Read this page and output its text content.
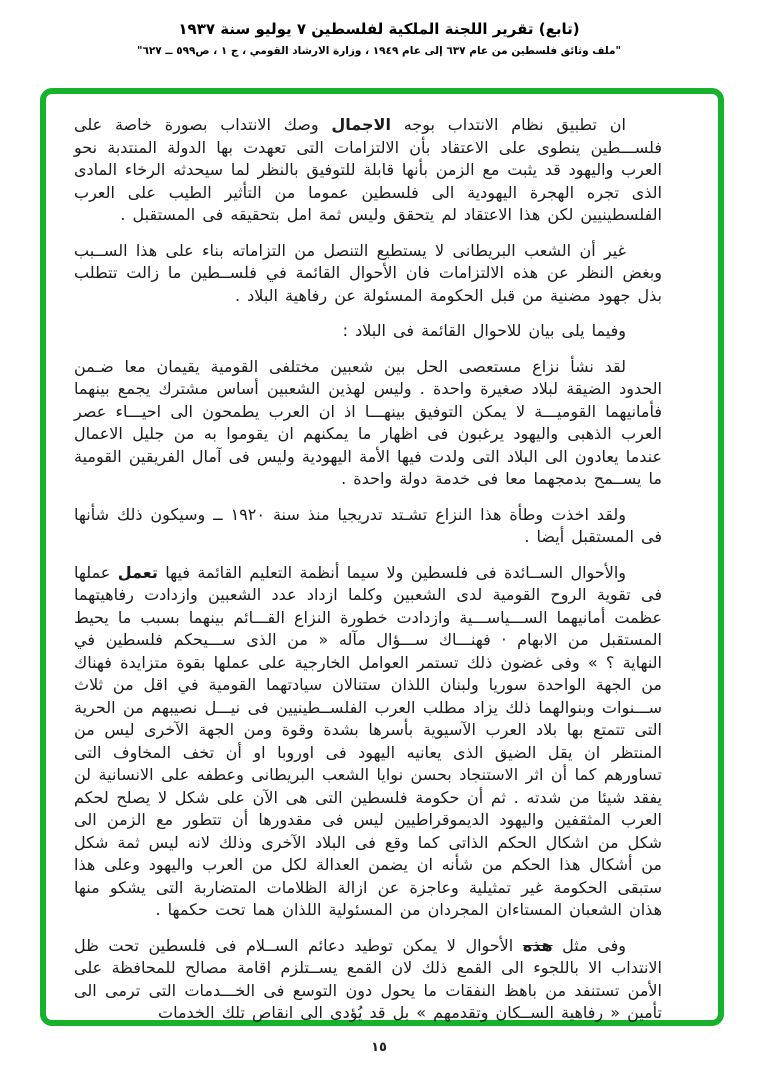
(تابع) تقرير اللجنة الملكية لفلسطين ٧ يوليو سنة ١٩٣٧
"ملف وثائق فلسطين من عام ٦٣٧ إلى عام ١٩٤٩ ، وزارة الارشاد القومي ، ج ١ ، ص٥٩٩ ــ ٦٢٧"

ان تطبيق نظام الانتداب بوجه الاجمال وصك الانتداب بصورة خاصة على فلســـطين ينطوى على الاعتقاد بأن الالتزامات التى تعهدت بها الدولة المنتدبة نحو العرب واليهود قد يثبت مع الزمن بأنها قابلة للتوفيق بالنظر لما سيحدثه الرخاء المادى الذى تجره الهجرة اليهودية الى فلسطين عموما من التأثير الطيب على العرب الفلسطينيين لكن هذا الاعتقاد لم يتحقق وليس ثمة امل بتحقيقه فى المستقبل .

غير أن الشعب البريطانى لا يستطيع التنصل من التزاماته بناء على هذا الســبب وبغض النظر عن هذه الالتزامات فان الأحوال القائمة في فلســطين ما زالت تتطلب بذل جهود مضنية من قبل الحكومة المسئولة عن رفاهية البلاد .

وفيما يلى بيان للاحوال القائمة فى البلاد :

لقد نشأ نزاع مستعصى الحل بين شعبين مختلفى القومية يقيمان معا ضـمن الحدود الضيقة لبلاد صغيرة واحدة . وليس لهذين الشعبين أساس مشترك يجمع بينهما فأمانيهما القوميـــة لا يمكن التوفيق بينهـــا اذ ان العرب يطمحون الى احيـــاء عصر العرب الذهبى واليهود يرغبون فى اظهار ما يمكنهم ان يقوموا به من جليل الاعمال عندما يعادون الى البلاد التى ولدت فيها الأمة اليهودية وليس فى آمال الفريقين القومية ما يســمح بدمجهما معا فى خدمة دولة واحدة .

ولقد اخذت وطأة هذا النزاع تشـتد تدريجيا منذ سنة ١٩٢٠ ــ وسيكون ذلك شأنها فى المستقبل أيضا .

والأحوال الســائدة فى فلسطين ولا سيما أنظمة التعليم القائمة فيها تعمل عملها فى تقوية الروح القومية لدى الشعبين وكلما ازداد عدد الشعبين وازدادت رفاهيتهما عظمت أمانيهما الســـياســـية وازدادت خطورة النزاع القـــائم بينهما بسبب ما يحيط المستقبل من الابهام · فهنـــاك ســـؤال مآله « من الذى ســـيحكم فلسطين في النهاية ؟ » وفى غضون ذلك تستمر العوامل الخارجية على عملها بقوة متزايدة فهناك من الجهة الواحدة سوريا ولبنان اللذان ستنالان سيادتهما القومية في اقل من ثلاث ســـنوات وبنوالهما ذلك يزاد مطلب العرب الفلســطينيين فى نيـــل نصيبهم من الحرية التى تتمتع بها بلاد العرب الآسيوية بأسرها بشدة وقوة ومن الجهة الآخرى ليس من المنتظر ان يقل الضيق الذى يعانيه اليهود فى اوروبا او أن تخف المخاوف التى تساورهم كما أن اثر الاستنجاد بحسن نوايا الشعب البريطانى وعطفه على الانسانية لن يفقد شيئا من شدته . ثم أن حكومة فلسطين التى هى الآن على شكل لا يصلح لحكم العرب المثقفين واليهود الديموقراطيين ليس فى مقدورها أن تتطور مع الزمن الى شكل من اشكال الحكم الذاتى كما وقع فى البلاد الآخرى وذلك لانه ليس ثمة شكل من أشكال هذا الحكم من شأنه ان يضمن العدالة لكل من العرب واليهود وعلى هذا ستبقى الحكومة غير تمثيلية وعاجزة عن ازالة الظلامات المتضاربة التى يشكو منها هذان الشعبان المستاءان المجردان من المسئولية اللذان هما تحت حكمها .

وفى مثل هذه الأحوال لا يمكن توطيد دعائم الســلام فى فلسطين تحت ظل الانتداب الا باللجوء الى القمع ذلك لان القمع يســتلزم اقامة مصالح للمحافظة على الأمن تستنفد من باهظ النفقات ما يحول دون التوسع فى الخـــدمات التى ترمى الى تأمين « رفاهية الســكان وتقدمهم » بل قد يُؤدى الى انقاص تلك الخدمات

١٥
